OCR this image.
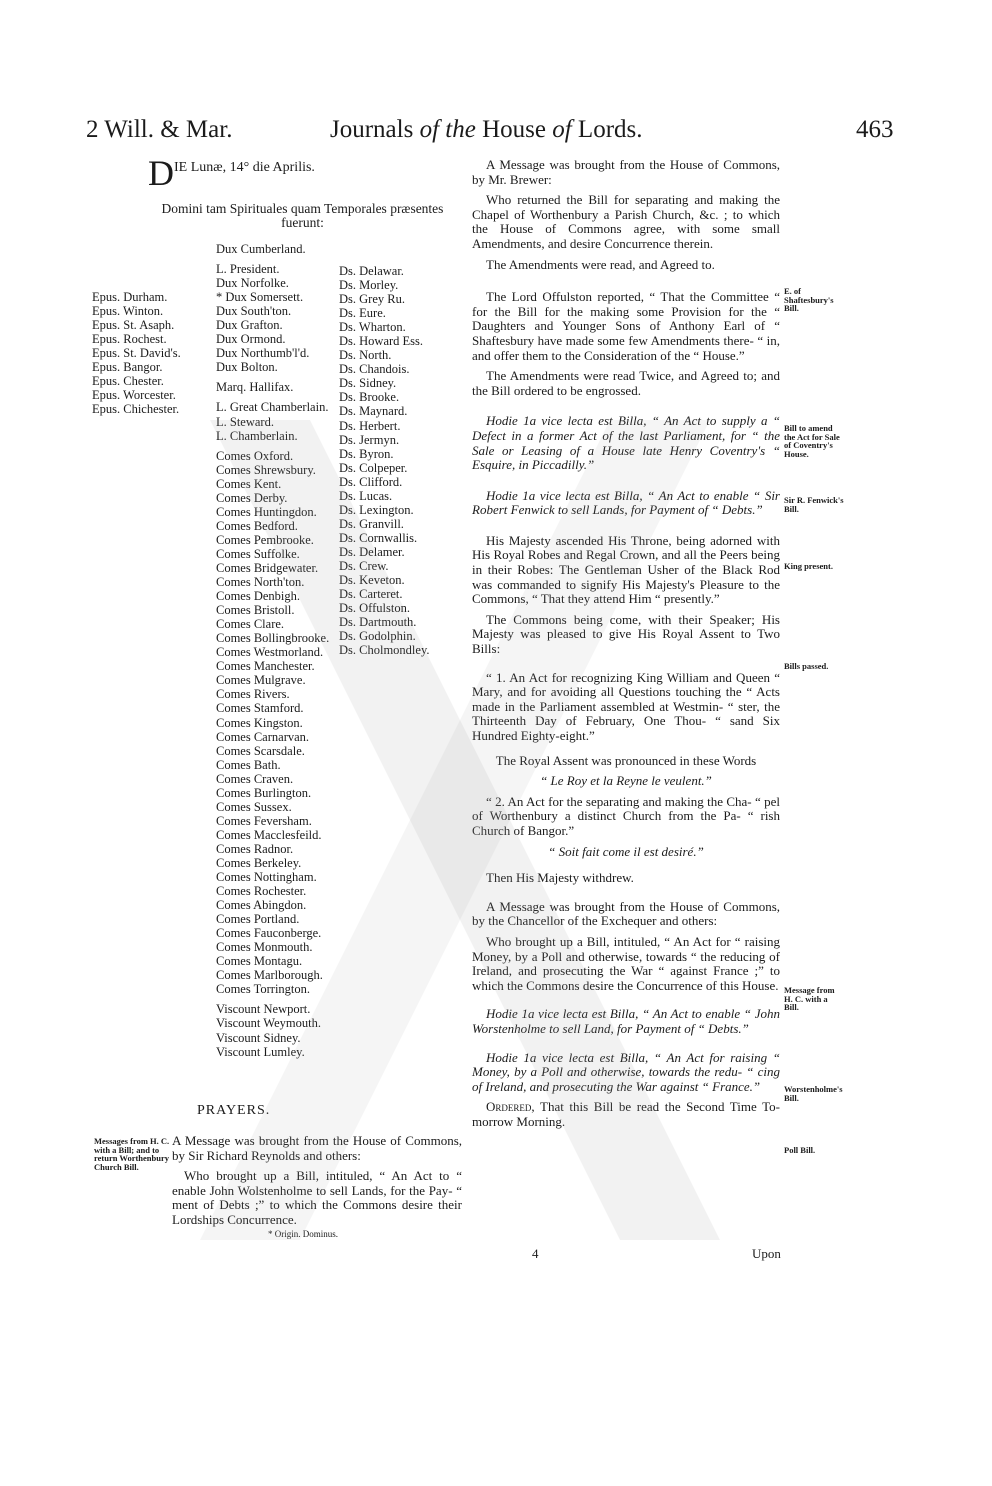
2 Will. & Mar.	Journals of the House of Lords.	463
DIE Lunæ, 14° die Aprilis.
Domini tam Spirituales quam Temporales præsentes fuerunt:
Epus. Durham.
Epus. Winton.
Epus. St. Asaph.
Epus. Rochest.
Epus. St. David's.
Epus. Bangor.
Epus. Chester.
Epus. Worcester.
Epus. Chichester.
Dux Cumberland.
L. President.
Dux Norfolke.
* Dux Somersett.
Dux South'ton.
Dux Grafton.
Dux Ormond.
Dux Northumb'l'd.
Dux Bolton.
Marq. Hallifax.
L. Great Chamberlain.
L. Steward.
L. Chamberlain.
Comes Oxford.
Comes Shrewsbury.
Comes Kent.
Comes Derby.
Comes Huntingdon.
Comes Bedford.
Comes Pembrooke.
Comes Suffolke.
Comes Bridgewater.
Comes North'ton.
Comes Denbigh.
Comes Bristoll.
Comes Clare.
Comes Bollingbrooke.
Comes Westmorland.
Comes Manchester.
Comes Mulgrave.
Comes Rivers.
Comes Stamford.
Comes Kingston.
Comes Carnarvan.
Comes Scarsdale.
Comes Bath.
Comes Craven.
Comes Burlington.
Comes Sussex.
Comes Feversham.
Comes Macclesfeild.
Comes Radnor.
Comes Berkeley.
Comes Nottingham.
Comes Rochester.
Comes Abingdon.
Comes Portland.
Comes Fauconberge.
Comes Monmouth.
Comes Montagu.
Comes Marlborough.
Comes Torrington.
Viscount Newport.
Viscount Weymouth.
Viscount Sidney.
Viscount Lumley.
Ds. Delawar.
Ds. Morley.
Ds. Grey Ru.
Ds. Eure.
Ds. Wharton.
Ds. Howard Ess.
Ds. North.
Ds. Chandois.
Ds. Sidney.
Ds. Brooke.
Ds. Maynard.
Ds. Herbert.
Ds. Jermyn.
Ds. Byron.
Ds. Colpeper.
Ds. Clifford.
Ds. Lucas.
Ds. Lexington.
Ds. Granvill.
Ds. Cornwallis.
Ds. Delamer.
Ds. Crew.
Ds. Keveton.
Ds. Carteret.
Ds. Offulston.
Ds. Dartmouth.
Ds. Godolphin.
Ds. Cholmondley.
PRAYERS.
Messages from H. C. with a Bill; and to return Worthenbury Church Bill.

A Message was brought from the House of Commons, by Sir Richard Reynolds and others:

Who brought up a Bill, intituled, “ An Act to “ enable John Wolstenholme to sell Lands, for the Pay- “ ment of Debts ;” to which the Commons desire their Lordships Concurrence.

* Origin. Dominus.

A Message was brought from the House of Commons, by Mr. Brewer:

Who returned the Bill for separating and making the Chapel of Worthenbury a Parish Church, &c. ; to which the House of Commons agree, with some small Amendments, and desire Concurrence therein.

The Amendments were read, and Agreed to.

The Lord Offulston reported, “ That the Committee “ for the Bill for the making some Provision for the “ Daughters and Younger Sons of Anthony Earl of “ Shaftesbury have made some few Amendments there- “ in, and offer them to the Consideration of the “ House.”

The Amendments were read Twice, and Agreed to; and the Bill ordered to be engrossed.

Hodie 1a vice lecta est Billa, “ An Act to supply a “ Defect in a former Act of the last Parliament, for “ the Sale or Leasing of a House late Henry Coventry's “ Esquire, in Piccadilly.”

Hodie 1a vice lecta est Billa, “ An Act to enable “ Sir Robert Fenwick to sell Lands, for Payment of “ Debts.”

His Majesty ascended His Throne, being adorned with His Royal Robes and Regal Crown, and all the Peers being in their Robes: The Gentleman Usher of the Black Rod was commanded to signify His Majesty's Pleasure to the Commons, “ That they attend Him “ presently.”

The Commons being come, with their Speaker; His Majesty was pleased to give His Royal Assent to Two Bills:

“ 1. An Act for recognizing King William and Queen “ Mary, and for avoiding all Questions touching the “ Acts made in the Parliament assembled at Westmin- “ ster, the Thirteenth Day of February, One Thou- “ sand Six Hundred Eighty-eight.”

The Royal Assent was pronounced in these Words

“ Le Roy et la Reyne le veulent.”

“ 2. An Act for the separating and making the Cha- “ pel of Worthenbury a distinct Church from the Pa- “ rish Church of Bangor.”

“ Soit fait come il est desiré.”

Then His Majesty withdrew.

A Message was brought from the House of Commons, by the Chancellor of the Exchequer and others:

Who brought up a Bill, intituled, “ An Act for “ raising Money, by a Poll and otherwise, towards “ the reducing of Ireland, and prosecuting the War “ against France ;” to which the Commons desire the Concurrence of this House.

Hodie 1a vice lecta est Billa, “ An Act to enable “ John Worstenholme to sell Land, for Payment of “ Debts.”

Hodie 1a vice lecta est Billa, “ An Act for raising “ Money, by a Poll and otherwise, towards the redu- “ cing of Ireland, and prosecuting the War against “ France.”

Ordered, That this Bill be read the Second Time To-morrow Morning.

E. of Shaftesbury's Bill.
Bill to amend the Act for Sale of Coventry's House.
Sir R. Fenwick's Bill.
King present.
Bills passed.
Message from H. C. with a Bill.
Worstenholme's Bill.
Poll Bill.
4	Upon
